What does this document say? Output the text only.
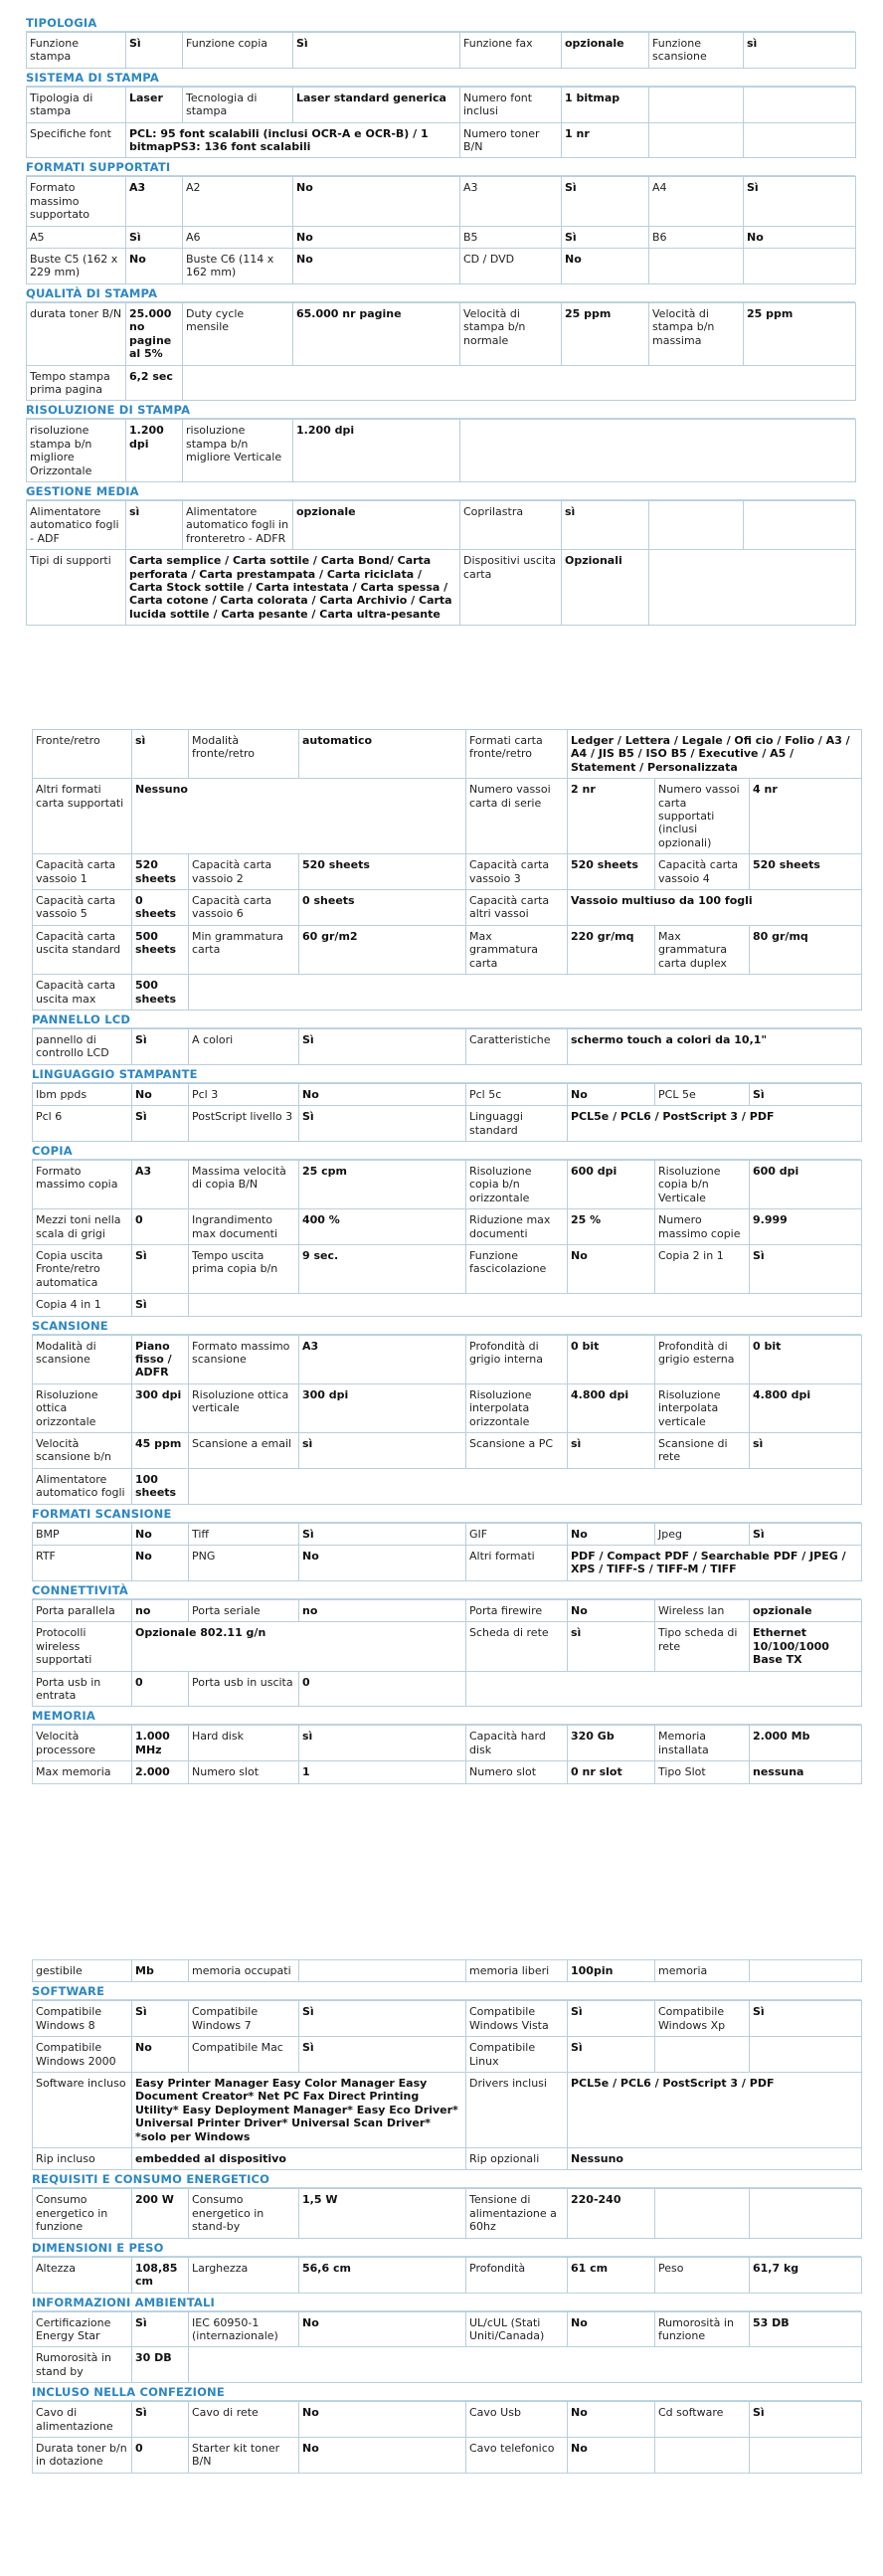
TIPOLOGIA
Funzione stampa	Sì	Funzione copia	Sì	Funzione fax	opzionale	Funzione scansione	sì
SISTEMA DI STAMPA
Tipologia di stampa	Laser	Tecnologia di stampa	Laser standard generica	Numero font inclusi	1 bitmap		
Specifiche font	PCL: 95 font scalabili (inclusi OCR-A e OCR-B) / 1 bitmapPS3: 136 font scalabili			Numero toner B/N	1 nr		
FORMATI SUPPORTATI
Formato massimo supportato	A3	A2	No	A3	Sì	A4	Sì
A5	Sì	A6	No	B5	Sì	B6	No
Buste C5 (162 x 229 mm)	No	Buste C6 (114 x 162 mm)	No	CD / DVD	No		
QUALITÀ DI STAMPA
durata toner B/N	25.000 no pagine al 5%	Duty cycle mensile	65.000 nr pagine	Velocità di stampa b/n normale	25 ppm	Velocità di stampa b/n massima	25 ppm
Tempo stampa prima pagina	6,2 sec						
RISOLUZIONE DI STAMPA
risoluzione stampa b/n migliore Orizzontale	1.200 dpi	risoluzione stampa b/n migliore Verticale	1.200 dpi	
GESTIONE MEDIA
Alimentatore automatico fogli - ADF	sì	Alimentatore automatico fogli in fronteretro - ADFR	opzionale	Coprilastra	sì		
Tipi di supporti	Carta semplice / Carta sottile / Carta Bond/ Carta perforata / Carta prestampata / Carta riciclata / Carta Stock sottile / Carta intestata / Carta spessa / Carta cotone / Carta colorata / Carta Archivio / Carta lucida sottile / Carta pesante / Carta ultra-pesante			Dispositivi uscita carta	Opzionali		
Fronte/retro	sì	Modalità fronte/retro	automatico	Formati carta fronte/retro	Ledger / Lettera / Legale / Ofi cio / Folio / A3 / A4 / JIS B5 / ISO B5 / Executive / A5 / Statement / Personalizzata		
Altri formati carta supportati	Nessuno			Numero vassoi carta di serie	2 nr	Numero vassoi carta supportati (inclusi opzionali)	4 nr
Capacità carta vassoio 1	520 sheets	Capacità carta vassoio 2	520 sheets	Capacità carta vassoio 3	520 sheets	Capacità carta vassoio 4	520 sheets
Capacità carta vassoio 5	0 sheets	Capacità carta vassoio 6	0 sheets	Capacità carta altri vassoi	Vassoio multiuso da 100 fogli		
Capacità carta uscita standard	500 sheets	Min grammatura carta	60 gr/m2	Max grammatura carta	220 gr/mq	Max grammatura carta duplex	80 gr/mq
Capacità carta uscita max	500 sheets						
PANNELLO LCD
pannello di controllo LCD	Sì	A colori	Sì	Caratteristiche	schermo touch a colori da 10,1"
LINGUAGGIO STAMPANTE
Ibm ppds	No	Pcl 3	No	Pcl 5c	No	PCL 5e	Sì
Pcl 6	Sì	PostScript livello 3	Sì	Linguaggi standard	PCL5e / PCL6 / PostScript 3 / PDF		
COPIA
Formato massimo copia	A3	Massima velocità di copia B/N	25 cpm	Risoluzione copia b/n orizzontale	600 dpi	Risoluzione copia b/n Verticale	600 dpi
Mezzi toni nella scala di grigi	0	Ingrandimento max documenti	400 %	Riduzione max documenti	25 %	Numero massimo copie	9.999
Copia uscita Fronte/retro automatica	Sì	Tempo uscita prima copia b/n	9 sec.	Funzione fascicolazione	No	Copia 2 in 1	Sì
Copia 4 in 1	Sì						
SCANSIONE
Modalità di scansione	Piano fisso / ADFR	Formato massimo scansione	A3	Profondità di grigio interna	0 bit	Profondità di grigio esterna	0 bit
Risoluzione ottica orizzontale	300 dpi	Risoluzione ottica verticale	300 dpi	Risoluzione interpolata orizzontale	4.800 dpi	Risoluzione interpolata verticale	4.800 dpi
Velocità scansione b/n	45 ppm	Scansione a email	sì	Scansione a PC	sì	Scansione di rete	sì
Alimentatore automatico fogli	100 sheets						
FORMATI SCANSIONE
BMP	No	Tiff	Sì	GIF	No	Jpeg	Sì
RTF	No	PNG	No	Altri formati	PDF / Compact PDF / Searchable PDF / JPEG / XPS / TIFF-S / TIFF-M / TIFF		
CONNETTIVITÀ
Porta parallela	no	Porta seriale	no	Porta firewire	No	Wireless lan	opzionale
Protocolli wireless supportati	Opzionale 802.11 g/n			Scheda di rete	sì	Tipo scheda di rete	Ethernet 10/100/1000 Base TX
Porta usb in entrata	0	Porta usb in uscita	0				
MEMORIA
Velocità processore	1.000 MHz	Hard disk	sì	Capacità hard disk	320 Gb	Memoria installata	2.000 Mb
Max memoria	2.000	Numero slot	1	Numero slot	0 nr slot	Tipo Slot	nessuna
gestibile	Mb	memoria occupati		memoria liberi	100pin	memoria	
SOFTWARE
Compatibile Windows 8	Sì	Compatibile Windows 7	Sì	Compatibile Windows Vista	Sì	Compatibile Windows Xp	Sì
Compatibile Windows 2000	No	Compatibile Mac	Sì	Compatibile Linux	Sì		
Software incluso	Easy Printer Manager Easy Color Manager Easy Document Creator* Net PC Fax Direct Printing Utility* Easy Deployment Manager* Easy Eco Driver* Universal Printer Driver* Universal Scan Driver* *solo per Windows			Drivers inclusi	PCL5e / PCL6 / PostScript 3 / PDF		
Rip incluso	embedded al dispositivo			Rip opzionali	Nessuno		
REQUISITI E CONSUMO ENERGETICO
Consumo energetico in funzione	200 W	Consumo energetico in stand-by	1,5 W	Tensione di alimentazione a 60hz	220-240		
DIMENSIONI E PESO
Altezza	108,85 cm	Larghezza	56,6 cm	Profondità	61 cm	Peso	61,7 kg
INFORMAZIONI AMBIENTALI
Certificazione Energy Star	Sì	IEC 60950-1 (internazionale)	No	UL/cUL (Stati Uniti/Canada)	No	Rumorosità in funzione	53 DB
Rumorosità in stand by	30 DB						
INCLUSO NELLA CONFEZIONE
Cavo di alimentazione	Sì	Cavo di rete	No	Cavo Usb	No	Cd software	Sì
Durata toner b/n in dotazione	0	Starter kit toner B/N	No	Cavo telefonico	No		
